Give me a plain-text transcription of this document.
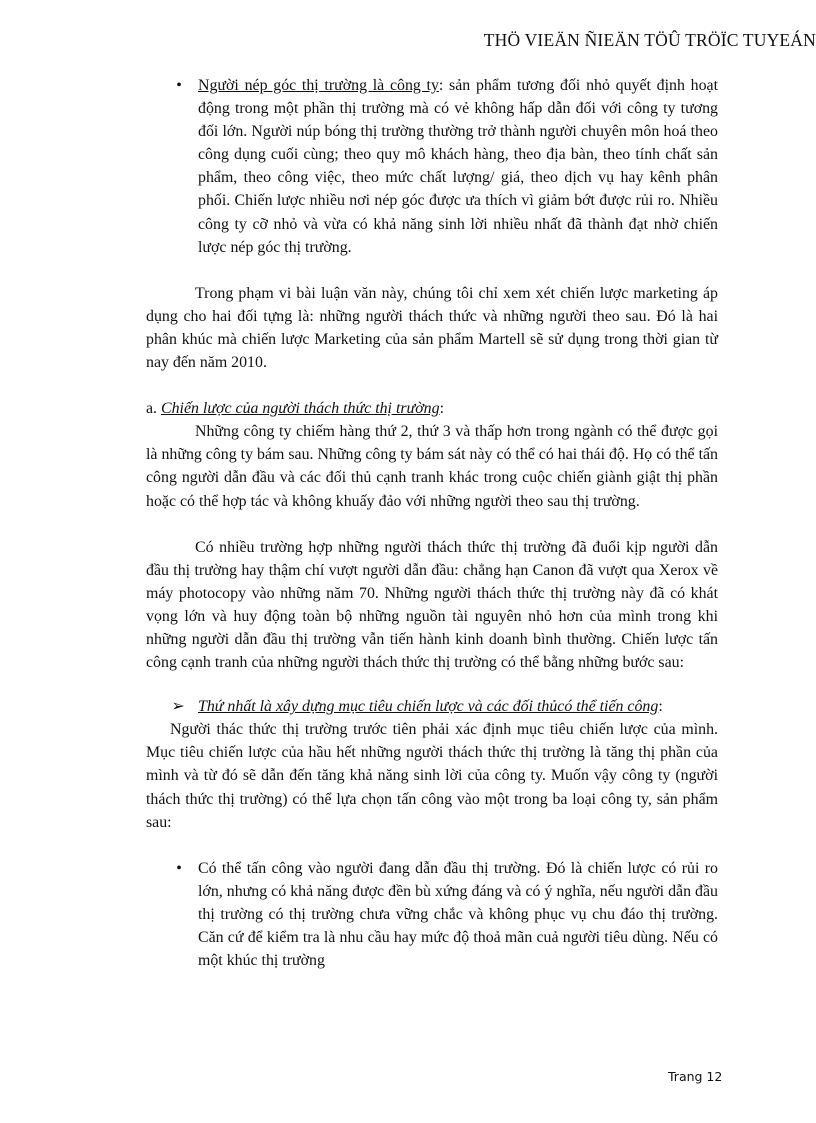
THÖ VIEÄN ÑIEÄN TÖÛ TRÖÏC TUYEÁN
• Người nép góc thị trường là công ty: sản phẩm tương đối nhỏ quyết định hoạt động trong một phần thị trường mà có vẻ không hấp dẫn đối với công ty tương đối lớn. Người núp bóng thị trường thường trở thành người chuyên môn hoá theo công dụng cuối cùng; theo quy mô khách hàng, theo địa bàn, theo tính chất sản phẩm, theo công việc, theo mức chất lượng/ giá, theo dịch vụ hay kênh phân phối. Chiến lược nhiều nơi nép góc được ưa thích vì giảm bớt được rủi ro. Nhiều công ty cỡ nhỏ và vừa có khả năng sinh lời nhiều nhất đã thành đạt nhờ chiến lược nép góc thị trường.

Trong phạm vi bài luận văn này, chúng tôi chỉ xem xét chiến lược marketing áp dụng cho hai đối tựng là: những người thách thức và những người theo sau. Đó là hai phân khúc mà chiến lược Marketing của sản phẩm Martell sẽ sử dụng trong thời gian từ nay đến năm 2010.

a. Chiến lược của người thách thức thị trường:

Những công ty chiếm hàng thứ 2, thứ 3 và thấp hơn trong ngành có thể được gọi là những công ty bám sau. Những công ty bám sát này có thể có hai thái độ. Họ có thể tấn công người dẫn đầu và các đối thủ cạnh tranh khác trong cuộc chiến giành giật thị phần hoặc có thể hợp tác và không khuấy đảo với những người theo sau thị trường.

Có nhiều trường hợp những người thách thức thị trường đã đuổi kịp người dẫn đầu thị trường hay thậm chí vượt người dẫn đầu: chẳng hạn Canon đã vượt qua Xerox về máy photocopy vào những năm 70. Những người thách thức thị trường này đã có khát vọng lớn và huy động toàn bộ những nguồn tài nguyên nhỏ hơn của mình trong khi những người dẫn đầu thị trường vẫn tiến hành kinh doanh bình thường. Chiến lược tấn công cạnh tranh của những người thách thức thị trường có thể bằng những bước sau:

➢ Thứ nhất là xây dựng mục tiêu chiến lược và các đối thủcó thể tiến công:

Người thác thức thị trường trước tiên phải xác định mục tiêu chiến lược của mình. Mục tiêu chiến lược của hầu hết những người thách thức thị trường là tăng thị phần của mình và từ đó sẽ dẫn đến tăng khả năng sinh lời của công ty. Muốn vậy công ty (người thách thức thị trường) có thể lựa chọn tấn công vào một trong ba loại công ty, sản phẩm sau:

• Có thể tấn công vào người đang dẫn đầu thị trường. Đó là chiến lược có rủi ro lớn, nhưng có khả năng được đền bù xứng đáng và có ý nghĩa, nếu người dẫn đầu thị trường có thị trường chưa vững chắc và không phục vụ chu đáo thị trường. Căn cứ để kiểm tra là nhu cầu hay mức độ thoả mãn cuả người tiêu dùng. Nếu có một khúc thị trường

Trang 12
